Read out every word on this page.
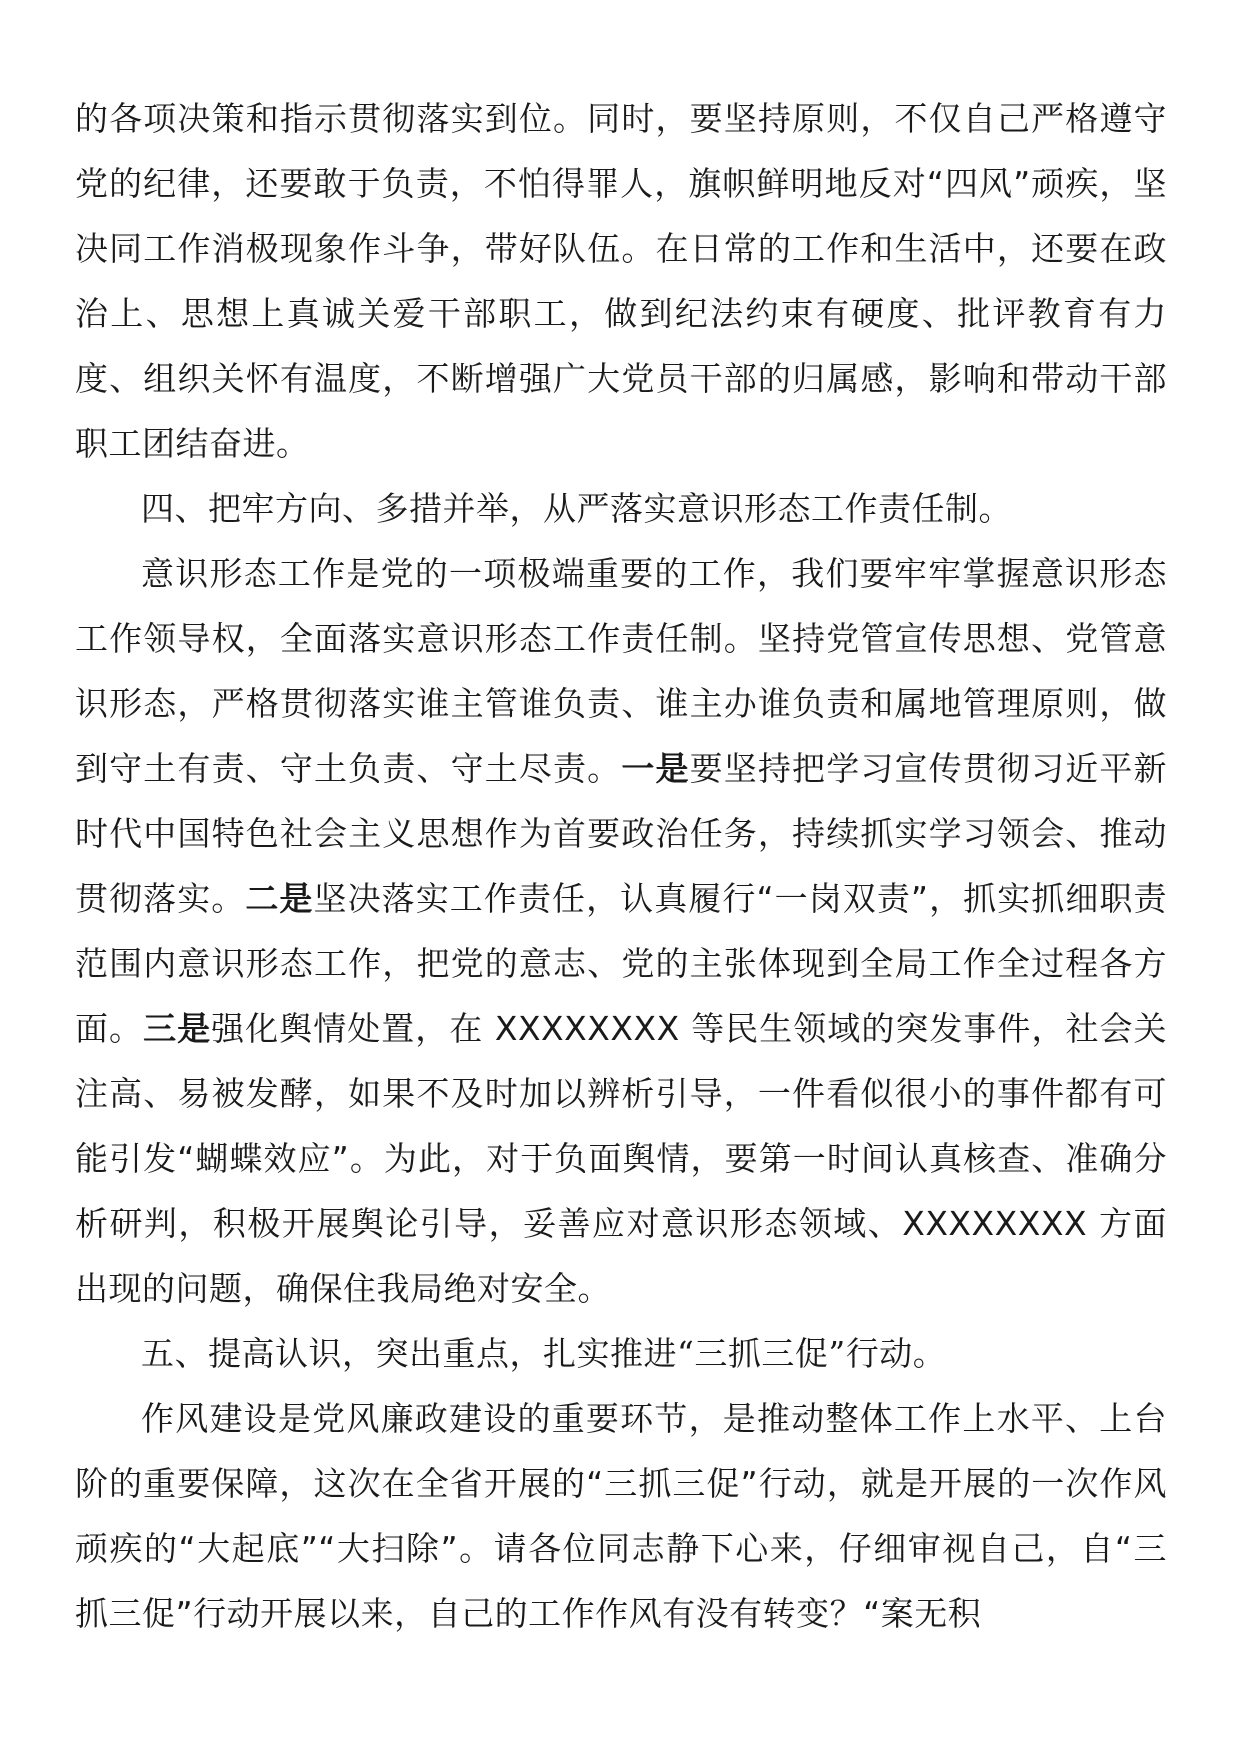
的各项决策和指示贯彻落实到位。同时，要坚持原则，不仅自己严格遵守党的纪律，还要敢于负责，不怕得罪人，旗帜鲜明地反对“四风”顽疾，坚决同工作消极现象作斗争，带好队伍。在日常的工作和生活中，还要在政治上、思想上真诚关爱干部职工，做到纪法约束有硬度、批评教育有力度、组织关怀有温度，不断增强广大党员干部的归属感，影响和带动干部职工团结奋进。

四、把牢方向、多措并举，从严落实意识形态工作责任制。

意识形态工作是党的一项极端重要的工作，我们要牢牢掌握意识形态工作领导权，全面落实意识形态工作责任制。坚持党管宣传思想、党管意识形态，严格贯彻落实谁主管谁负责、谁主办谁负责和属地管理原则，做到守土有责、守土负责、守土尽责。一是要坚持把学习宣传贯彻习近平新时代中国特色社会主义思想作为首要政治任务，持续抓实学习领会、推动贯彻落实。二是坚决落实工作责任，认真履行“一岗双责”，抓实抓细职责范围内意识形态工作，把党的意志、党的主张体现到全局工作全过程各方面。三是强化舆情处置，在 XXXXXXXX 等民生领域的突发事件，社会关注高、易被发酵，如果不及时加以辨析引导，一件看似很小的事件都有可能引发“蝴蝶效应”。为此，对于负面舆情，要第一时间认真核查、准确分析研判，积极开展舆论引导，妥善应对意识形态领域、XXXXXXXX 方面出现的问题，确保住我局绝对安全。

五、提高认识，突出重点，扎实推进“三抓三促”行动。

作风建设是党风廉政建设的重要环节，是推动整体工作上水平、上台阶的重要保障，这次在全省开展的“三抓三促”行动，就是开展的一次作风顽疾的“大起底”“大扫除”。请各位同志静下心来，仔细审视自己，自“三抓三促”行动开展以来，自己的工作作风有没有转变？“案无积
